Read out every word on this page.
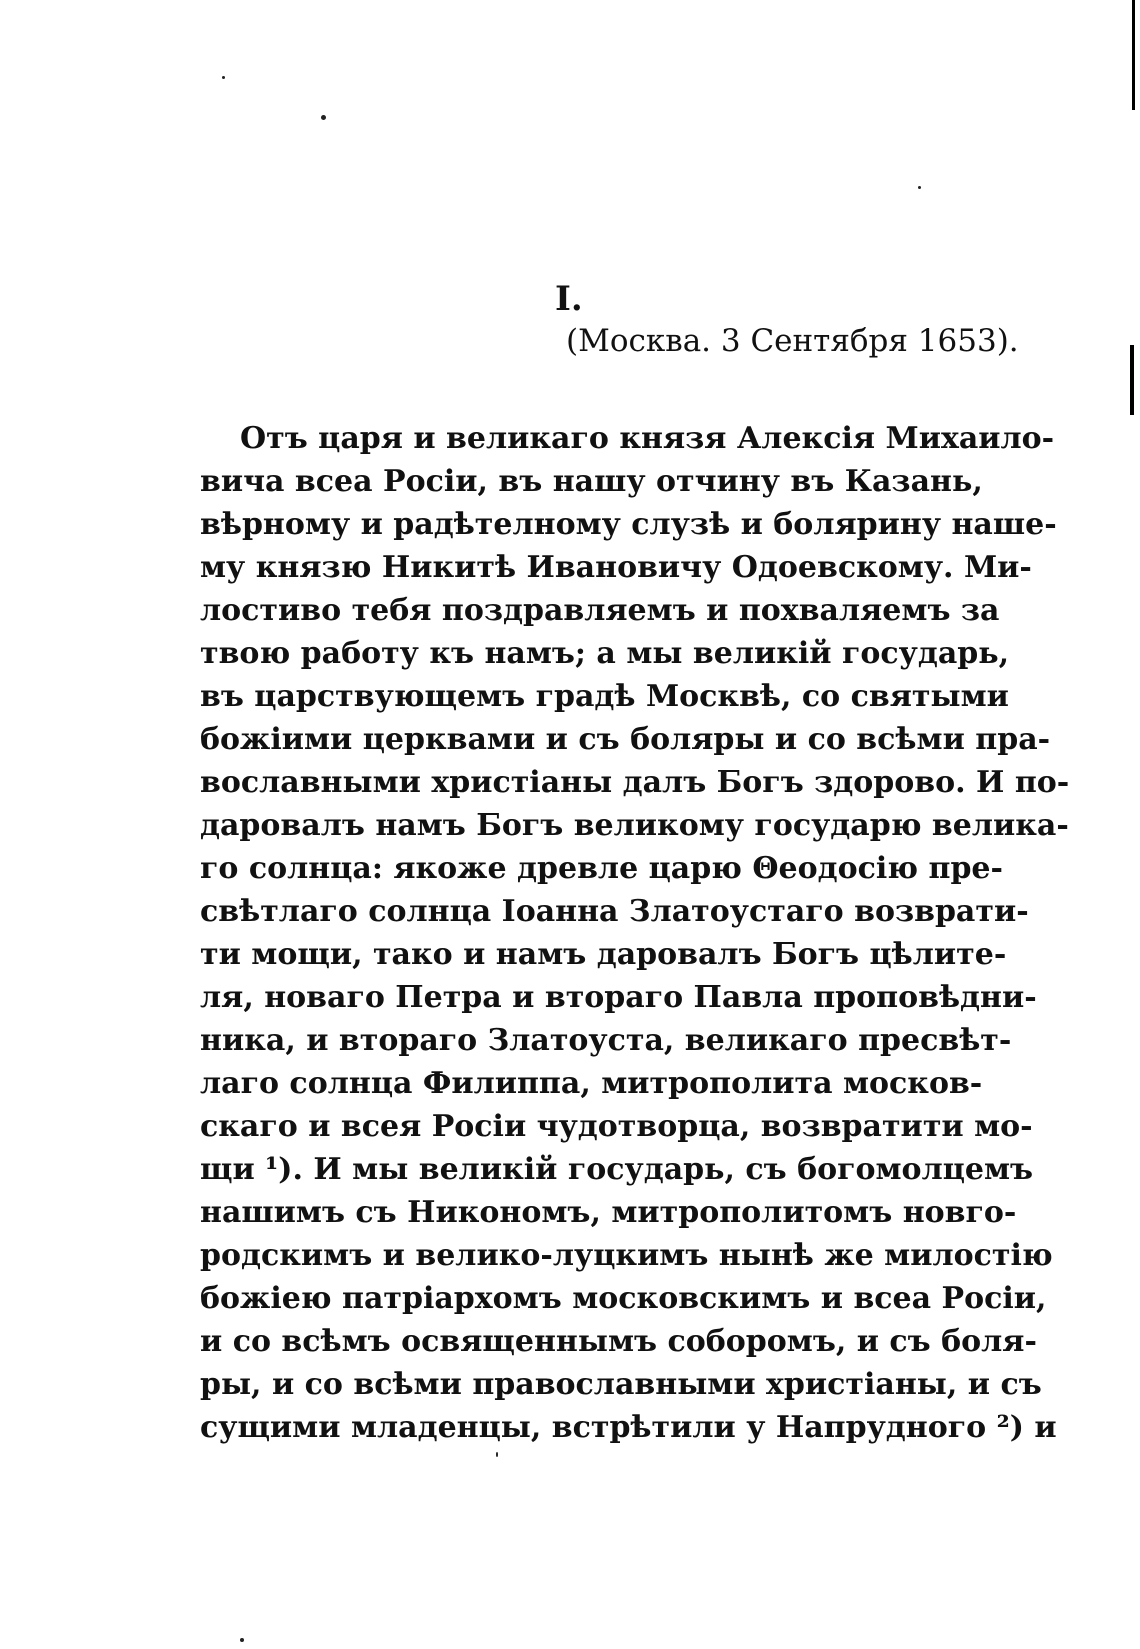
I.
(Москва. 3 Сентября 1653).
Отъ царя и великаго князя Алексія Михаило-
вича всеа Росіи, въ нашу отчину въ Казань,
вѣрному и радѣтелному слузѣ и болярину наше-
му князю Никитѣ Ивановичу Одоевскому. Ми-
лостиво тебя поздравляемъ и похваляемъ за
твою работу къ намъ; а мы великій государь,
въ царствующемъ градѣ Москвѣ, со святыми
божіими церквами и съ боляры и со всѣми пра-
вославными христіаны далъ Богъ здорово. И по-
даровалъ намъ Богъ великому государю велика-
го солнца: якоже древле царю Θеодосію пре-
свѣтлаго солнца Іоанна Златоустаго возврати-
ти мощи, тако и намъ даровалъ Богъ цѣлите-
ля, новаго Петра и втораго Павла проповѣдни-
ника, и втораго Златоуста, великаго пресвѣт-
лаго солнца Филиппа, митрополита москов-
скаго и всея Росіи чудотворца, возвратити мо-
щи ¹). И мы великій государь, съ богомолцемъ
нашимъ съ Никономъ, митрополитомъ новго-
родскимъ и велико-луцкимъ нынѣ же милостію
божіею патріархомъ московскимъ и всеа Росіи,
и со всѣмъ освященнымъ соборомъ, и съ боля-
ры, и со всѣми православными христіаны, и съ
сущими младенцы, встрѣтили у Напрудного ²) и
